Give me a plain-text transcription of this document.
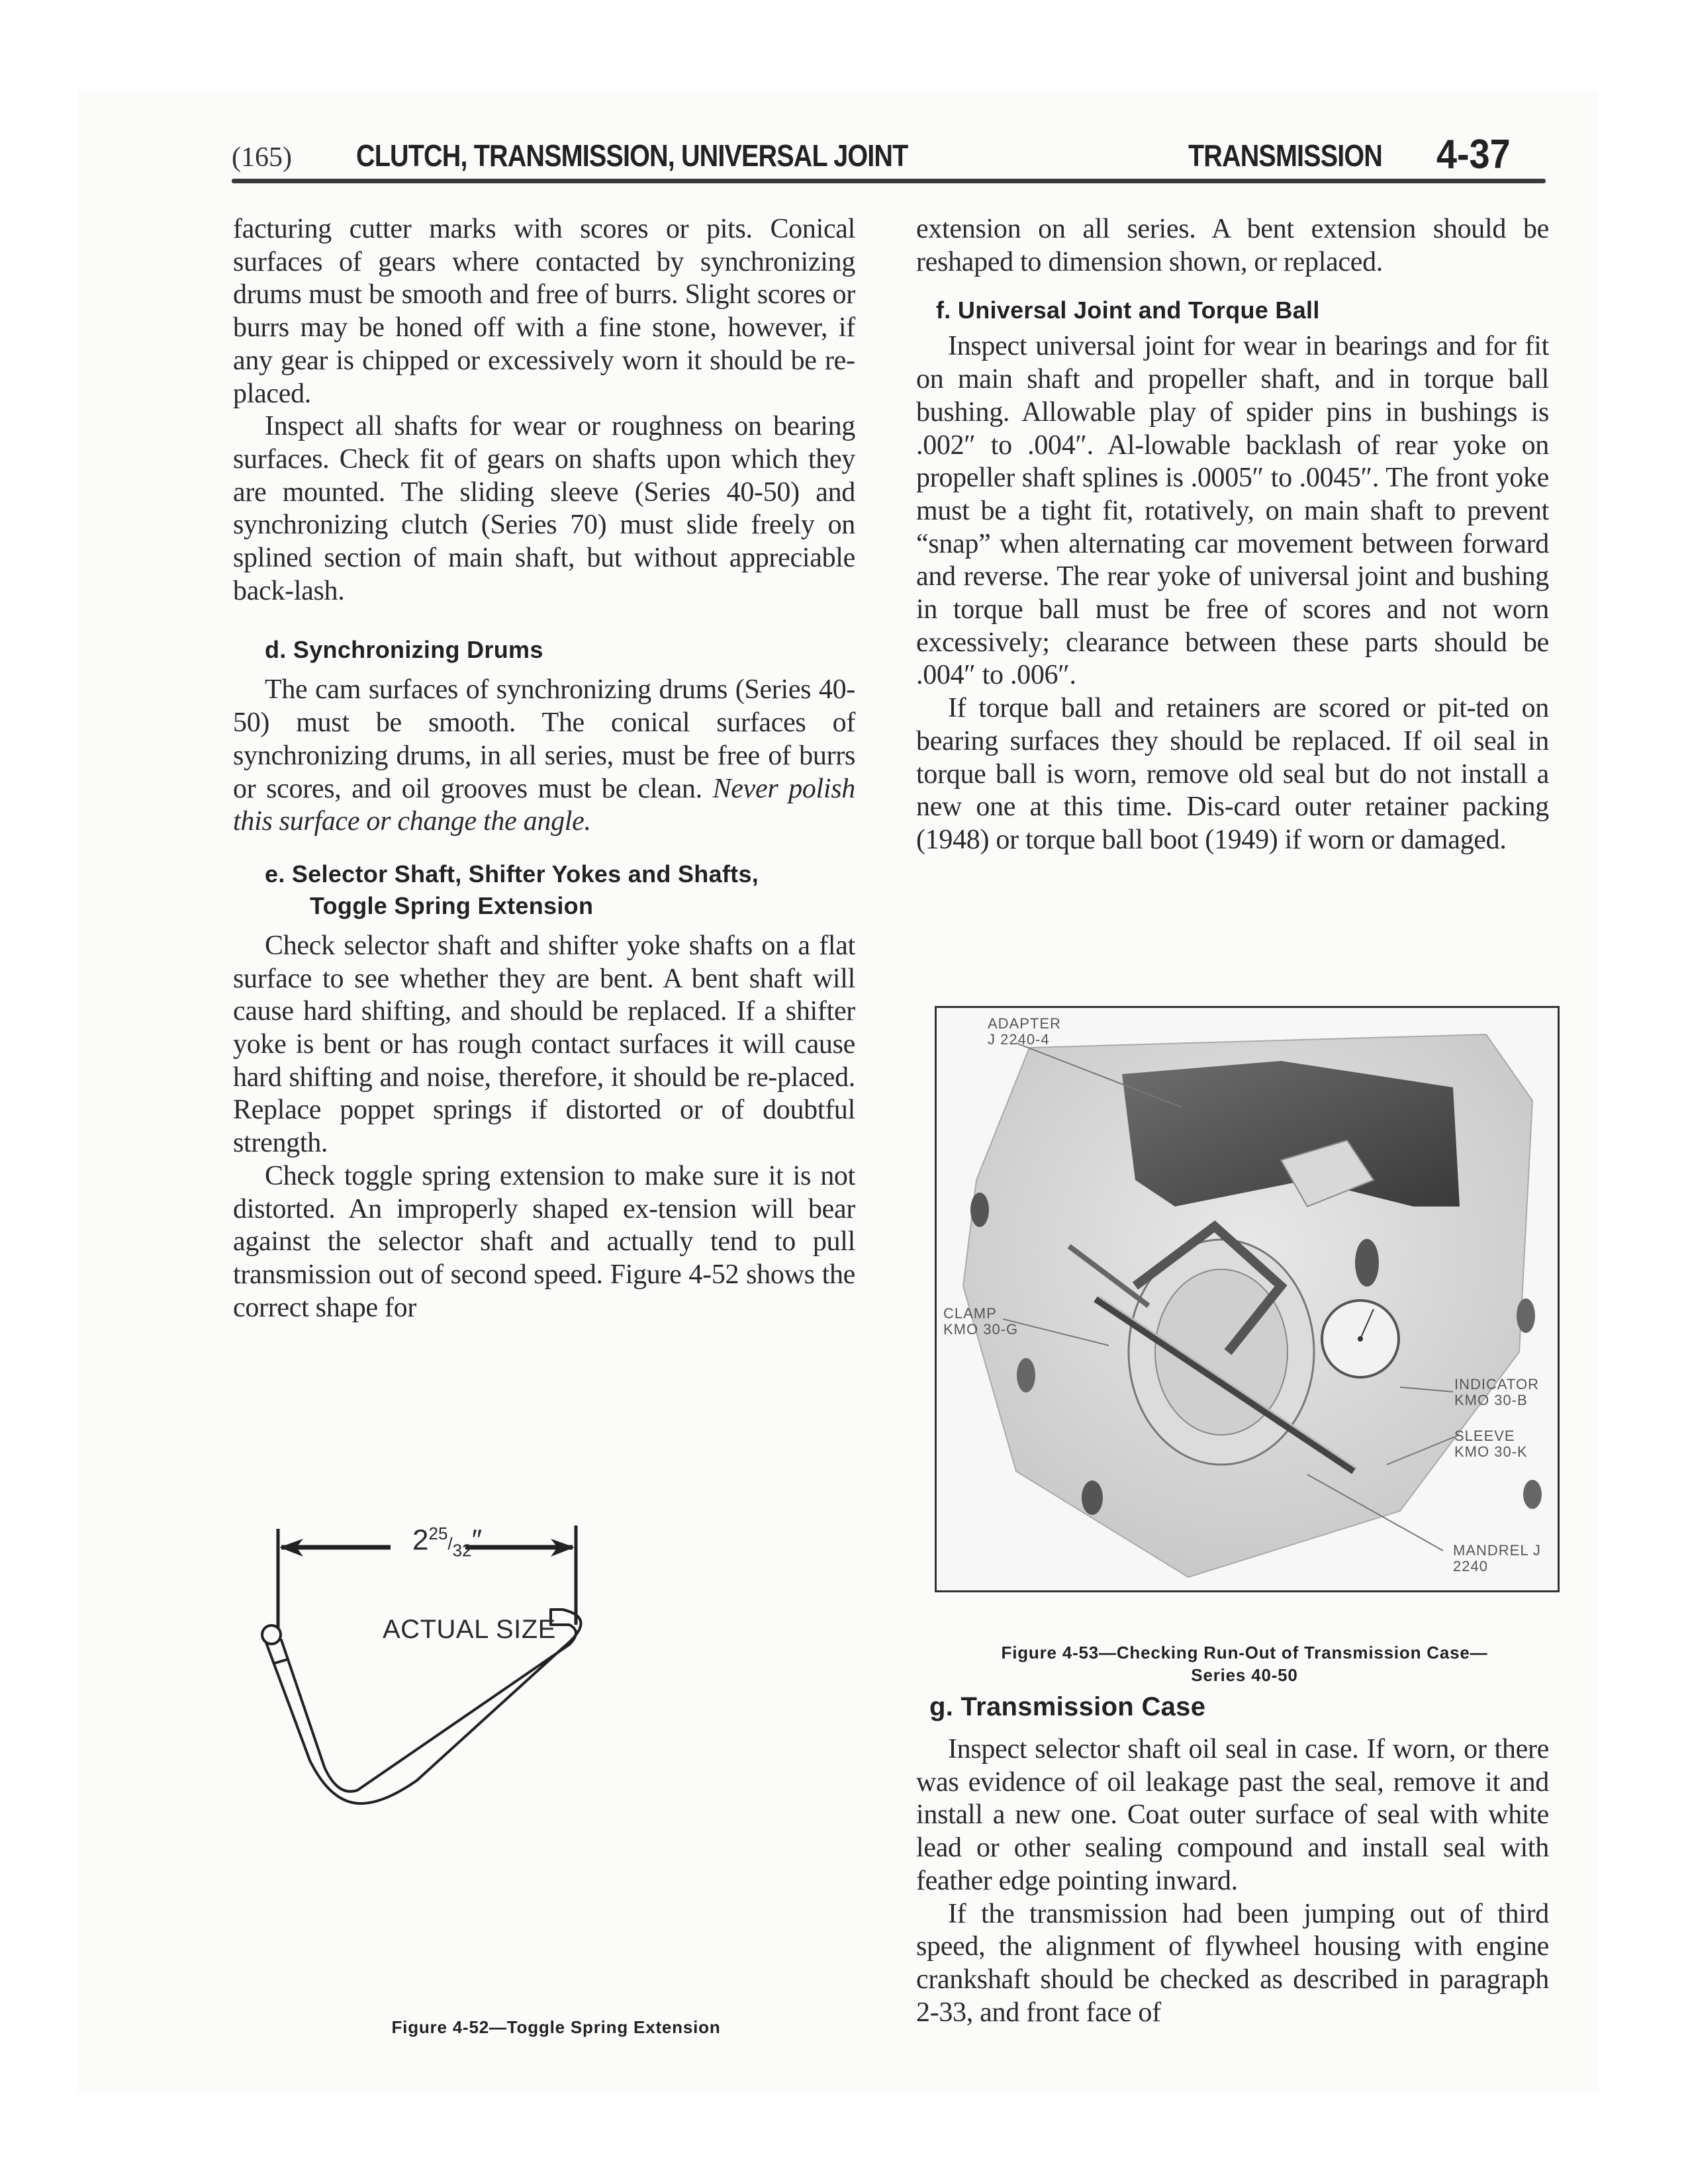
(165) CLUTCH, TRANSMISSION, UNIVERSAL JOINT	TRANSMISSION 4-37

facturing cutter marks with scores or pits. Conical surfaces of gears where contacted by synchronizing drums must be smooth and free of burrs. Slight scores or burrs may be honed off with a fine stone, however, if any gear is chipped or excessively worn it should be replaced.

Inspect all shafts for wear or roughness on bearing surfaces. Check fit of gears on shafts upon which they are mounted. The sliding sleeve (Series 40-50) and synchronizing clutch (Series 70) must slide freely on splined section of main shaft, but without appreciable back-lash.

d. Synchronizing Drums

The cam surfaces of synchronizing drums (Series 40-50) must be smooth. The conical surfaces of synchronizing drums, in all series, must be free of burrs or scores, and oil grooves must be clean. Never polish this surface or change the angle.

e. Selector Shaft, Shifter Yokes and Shafts,
Toggle Spring Extension

Check selector shaft and shifter yoke shafts on a flat surface to see whether they are bent. A bent shaft will cause hard shifting, and should be replaced. If a shifter yoke is bent or has rough contact surfaces it will cause hard shifting and noise, therefore, it should be re-placed. Replace poppet springs if distorted or of doubtful strength.

Check toggle spring extension to make sure it is not distorted. An improperly shaped ex-tension will bear against the selector shaft and actually tend to pull transmission out of second speed. Figure 4-52 shows the correct shape for

$2^{25}/_{32}''$
ACTUAL SIZE
Figure 4-52—Toggle Spring Extension

extension on all series. A bent extension should be reshaped to dimension shown, or replaced.

f. Universal Joint and Torque Ball

Inspect universal joint for wear in bearings and for fit on main shaft and propeller shaft, and in torque ball bushing. Allowable play of spider pins in bushings is .002″ to .004″. Al-lowable backlash of rear yoke on propeller shaft splines is .0005″ to .0045″. The front yoke must be a tight fit, rotatively, on main shaft to prevent “snap” when alternating car movement between forward and reverse. The rear yoke of universal joint and bushing in torque ball must be free of scores and not worn excessively; clearance between these parts should be .004″ to .006″.

If torque ball and retainers are scored or pit-ted on bearing surfaces they should be replaced. If oil seal in torque ball is worn, remove old seal but do not install a new one at this time. Dis-card outer retainer packing (1948) or torque ball boot (1949) if worn or damaged.

ADAPTER
J 2240-4
CLAMP
KMO 30-G
INDICATOR
KMO 30-B
SLEEVE
KMO 30-K
MANDREL J 2240
Figure 4-53—Checking Run-Out of Transmission Case—
Series 40-50
g. Transmission Case

Inspect selector shaft oil seal in case. If worn, or there was evidence of oil leakage past the seal, remove it and install a new one. Coat outer surface of seal with white lead or other sealing compound and install seal with feather edge pointing inward.

If the transmission had been jumping out of third speed, the alignment of flywheel housing with engine crankshaft should be checked as described in paragraph 2-33, and front face of
